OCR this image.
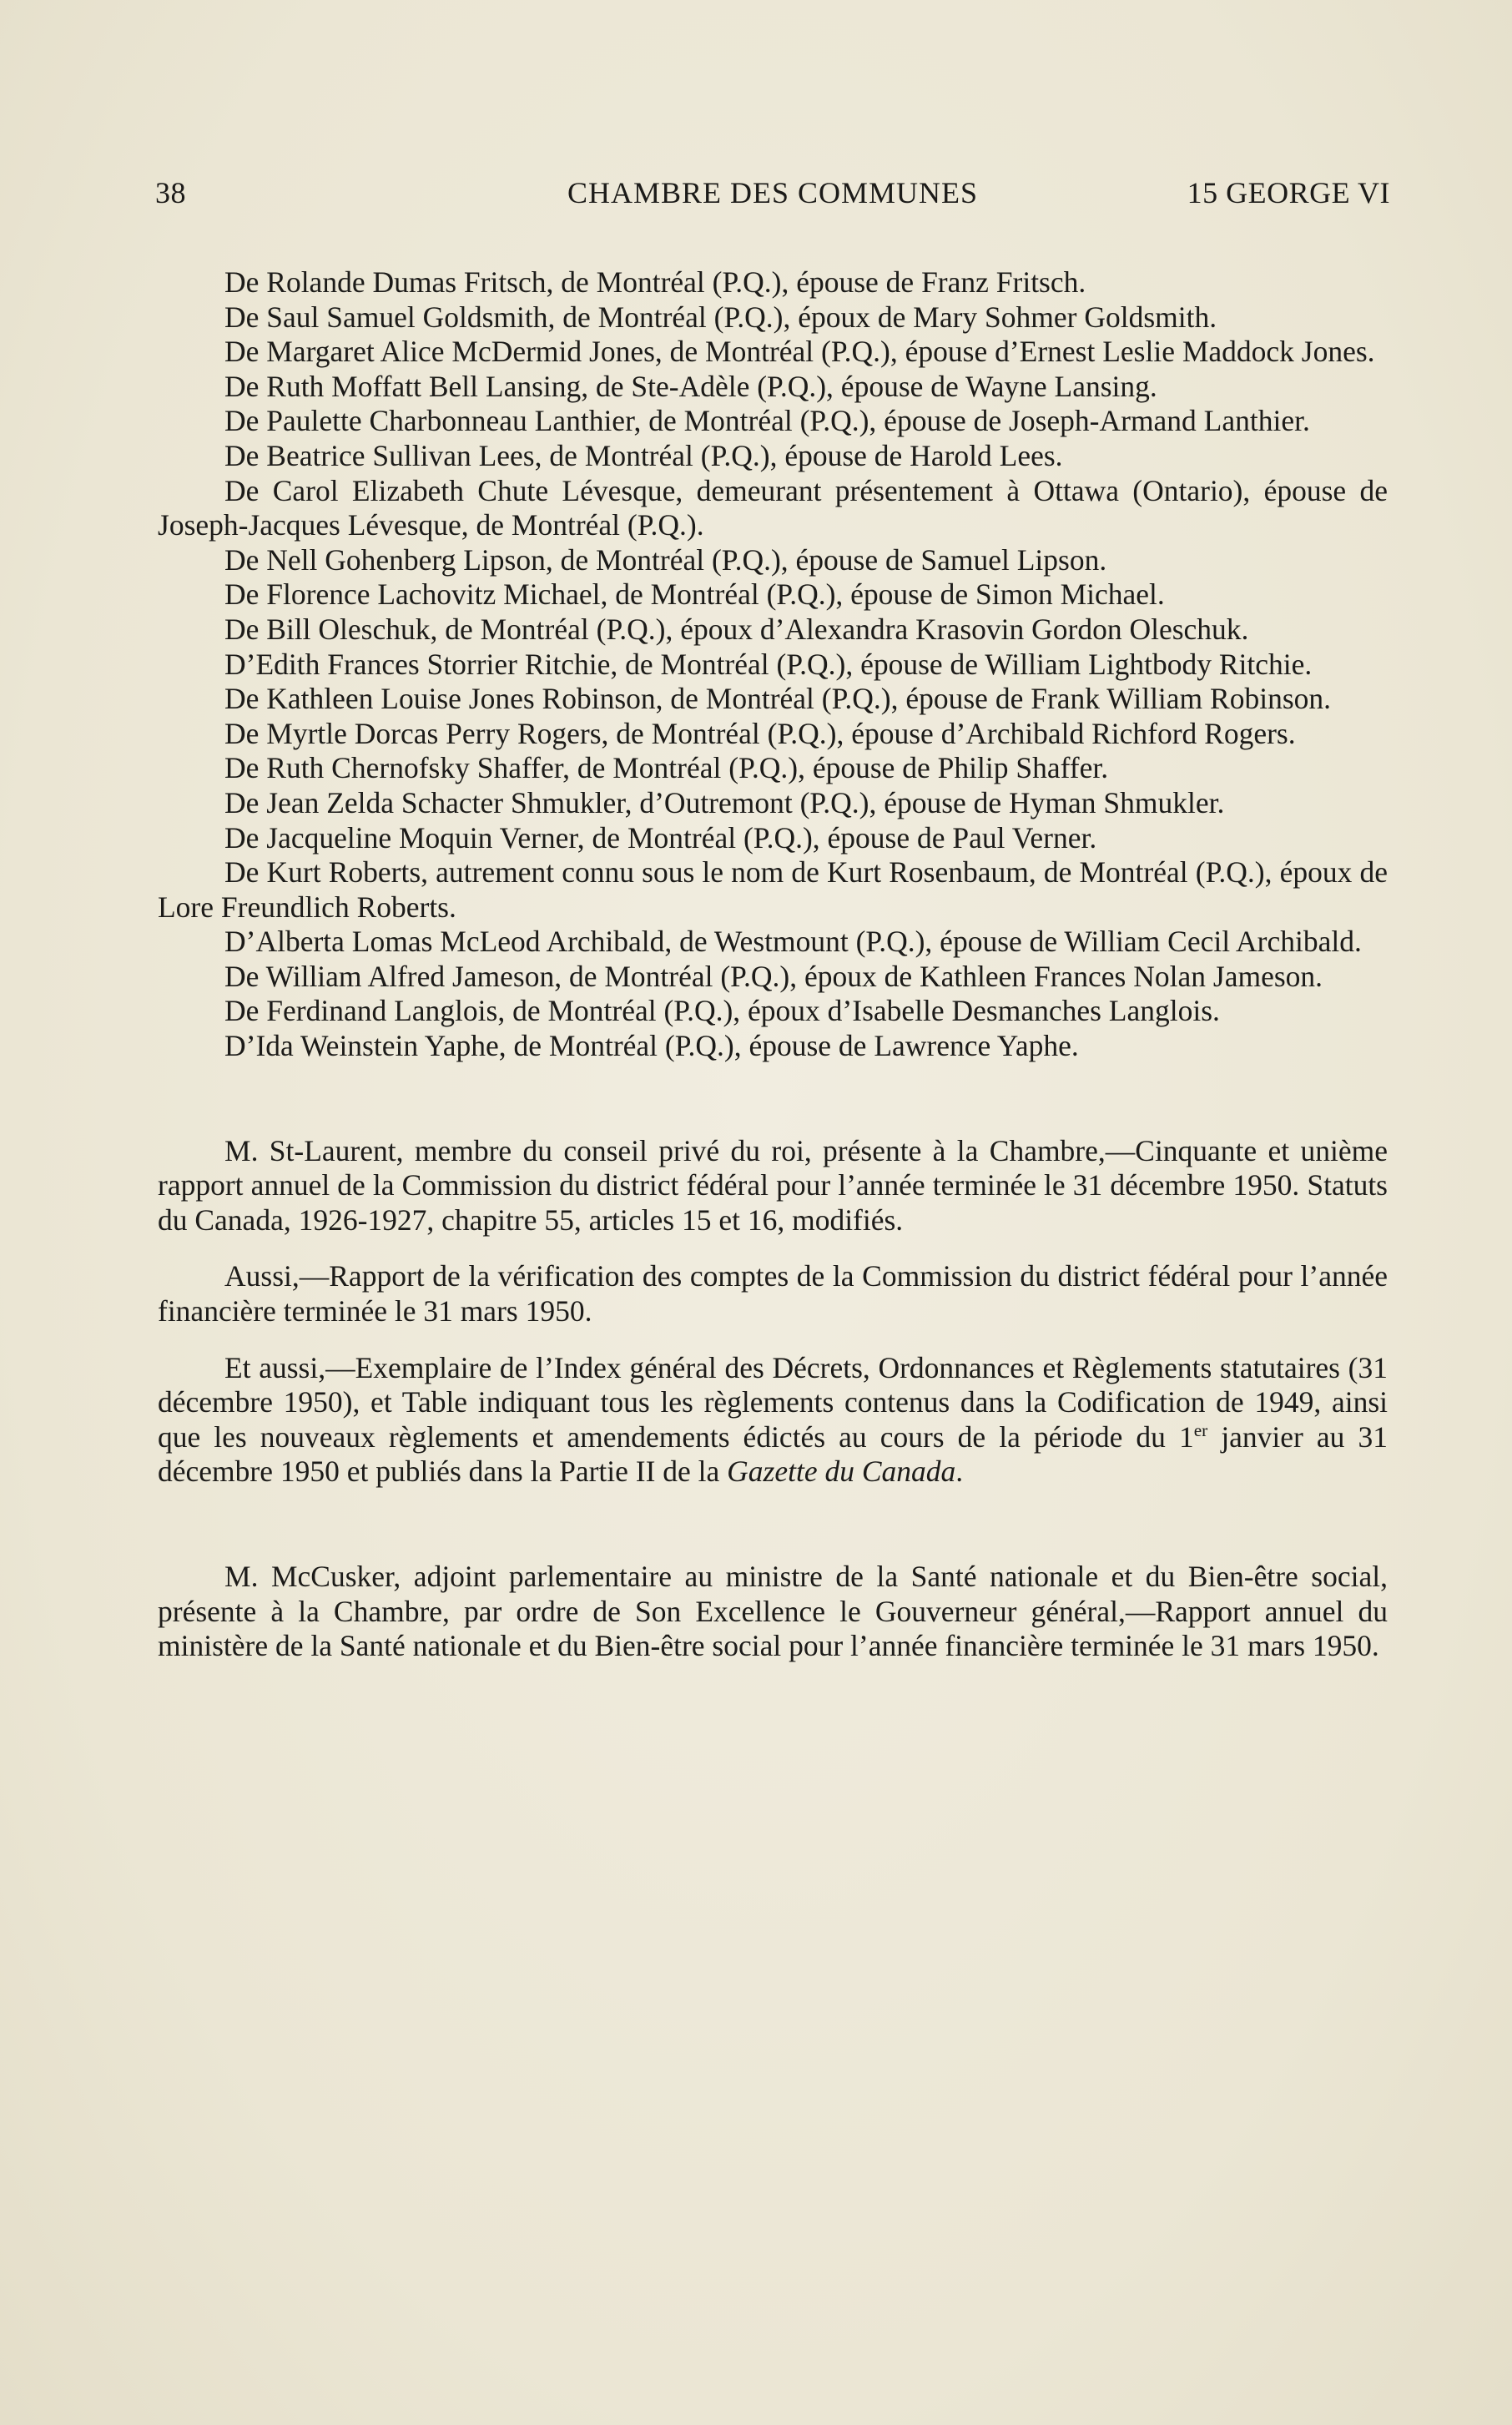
38	CHAMBRE DES COMMUNES	15 GEORGE VI

De Rolande Dumas Fritsch, de Montréal (P.Q.), épouse de Franz Fritsch.

De Saul Samuel Goldsmith, de Montréal (P.Q.), époux de Mary Sohmer Goldsmith.

De Margaret Alice McDermid Jones, de Montréal (P.Q.), épouse d’Ernest Leslie Maddock Jones.

De Ruth Moffatt Bell Lansing, de Ste-Adèle (P.Q.), épouse de Wayne Lansing.

De Paulette Charbonneau Lanthier, de Montréal (P.Q.), épouse de Joseph-Armand Lanthier.

De Beatrice Sullivan Lees, de Montréal (P.Q.), épouse de Harold Lees.

De Carol Elizabeth Chute Lévesque, demeurant présentement à Ottawa (Ontario), épouse de Joseph-Jacques Lévesque, de Montréal (P.Q.).

De Nell Gohenberg Lipson, de Montréal (P.Q.), épouse de Samuel Lipson.

De Florence Lachovitz Michael, de Montréal (P.Q.), épouse de Simon Michael.

De Bill Oleschuk, de Montréal (P.Q.), époux d’Alexandra Krasovin Gordon Oleschuk.

D’Edith Frances Storrier Ritchie, de Montréal (P.Q.), épouse de William Lightbody Ritchie.

De Kathleen Louise Jones Robinson, de Montréal (P.Q.), épouse de Frank William Robinson.

De Myrtle Dorcas Perry Rogers, de Montréal (P.Q.), épouse d’Archibald Richford Rogers.

De Ruth Chernofsky Shaffer, de Montréal (P.Q.), épouse de Philip Shaffer.

De Jean Zelda Schacter Shmukler, d’Outremont (P.Q.), épouse de Hyman Shmukler.

De Jacqueline Moquin Verner, de Montréal (P.Q.), épouse de Paul Verner.

De Kurt Roberts, autrement connu sous le nom de Kurt Rosenbaum, de Montréal (P.Q.), époux de Lore Freundlich Roberts.

D’Alberta Lomas McLeod Archibald, de Westmount (P.Q.), épouse de William Cecil Archibald.

De William Alfred Jameson, de Montréal (P.Q.), époux de Kathleen Frances Nolan Jameson.

De Ferdinand Langlois, de Montréal (P.Q.), époux d’Isabelle Desmanches Langlois.

D’Ida Weinstein Yaphe, de Montréal (P.Q.), épouse de Lawrence Yaphe.

M. St-Laurent, membre du conseil privé du roi, présente à la Chambre,—Cinquante et unième rapport annuel de la Commission du district fédéral pour l’année terminée le 31 décembre 1950. Statuts du Canada, 1926-1927, chapitre 55, articles 15 et 16, modifiés.

Aussi,—Rapport de la vérification des comptes de la Commission du district fédéral pour l’année financière terminée le 31 mars 1950.

Et aussi,—Exemplaire de l’Index général des Décrets, Ordonnances et Règlements statutaires (31 décembre 1950), et Table indiquant tous les règlements contenus dans la Codification de 1949, ainsi que les nouveaux règlements et amendements édictés au cours de la période du 1er janvier au 31 décembre 1950 et publiés dans la Partie II de la Gazette du Canada.

M. McCusker, adjoint parlementaire au ministre de la Santé nationale et du Bien-être social, présente à la Chambre, par ordre de Son Excellence le Gouverneur général,—Rapport annuel du ministère de la Santé nationale et du Bien-être social pour l’année financière terminée le 31 mars 1950.
